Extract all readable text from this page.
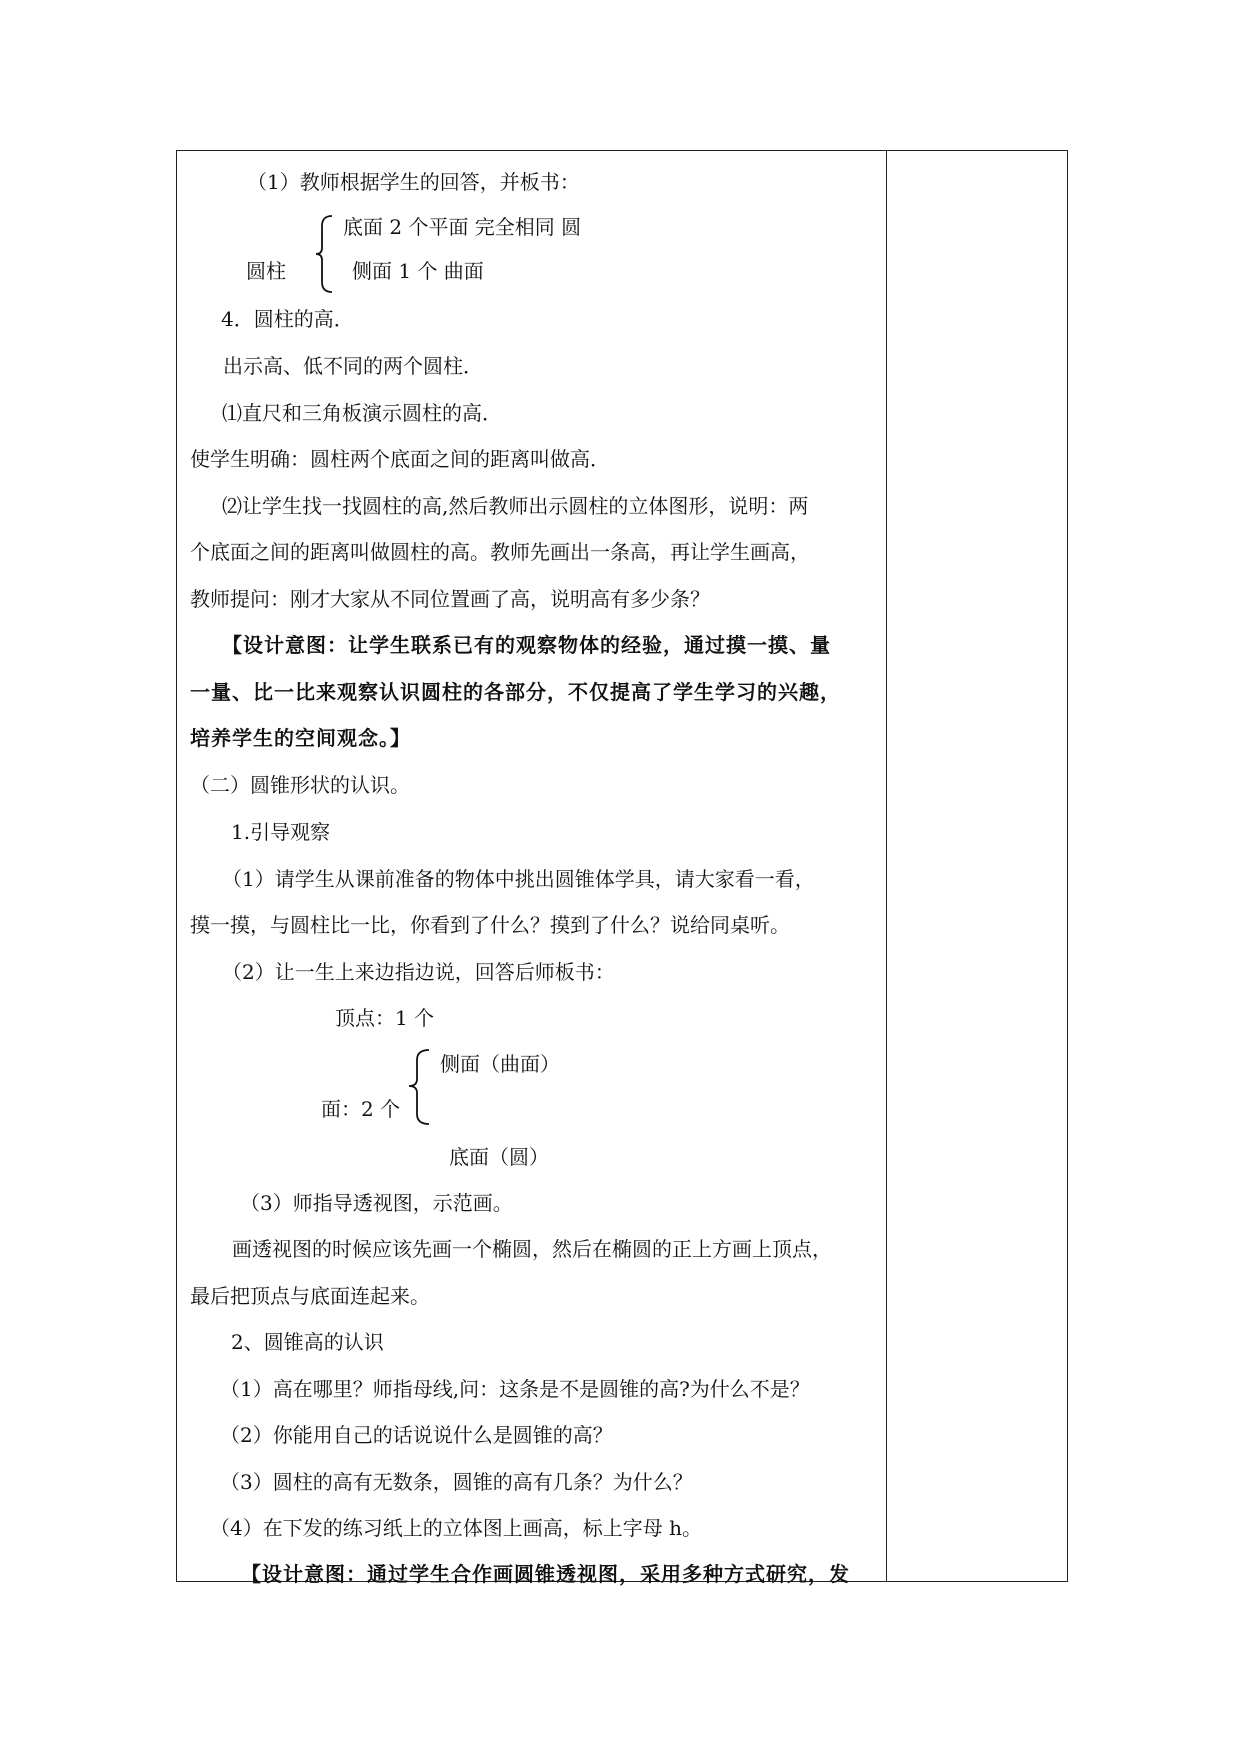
（1）教师根据学生的回答，并板书：
底面 2 个平面 完全相同 圆
圆柱	侧面 1 个 曲面
4．圆柱的高．
出示高、低不同的两个圆柱．
⑴直尺和三角板演示圆柱的高．
使学生明确：圆柱两个底面之间的距离叫做高．
⑵让学生找一找圆柱的高,然后教师出示圆柱的立体图形，说明：两
个底面之间的距离叫做圆柱的高。教师先画出一条高，再让学生画高，
教师提问：刚才大家从不同位置画了高，说明高有多少条？
【设计意图：让学生联系已有的观察物体的经验，通过摸一摸、量
一量、比一比来观察认识圆柱的各部分，不仅提高了学生学习的兴趣，
培养学生的空间观念。】
（二）圆锥形状的认识。
1.引导观察
（1）请学生从课前准备的物体中挑出圆锥体学具，请大家看一看，
摸一摸，与圆柱比一比，你看到了什么？摸到了什么？说给同桌听。
（2）让一生上来边指边说，回答后师板书：
顶点：1 个
侧面（曲面）
面：2 个
底面（圆）
（3）师指导透视图，示范画。
画透视图的时候应该先画一个椭圆，然后在椭圆的正上方画上顶点，
最后把顶点与底面连起来。
2、圆锥高的认识
（1）高在哪里？师指母线,问：这条是不是圆锥的高?为什么不是？
（2）你能用自己的话说说什么是圆锥的高？
（3）圆柱的高有无数条，圆锥的高有几条？为什么？
（4）在下发的练习纸上的立体图上画高，标上字母 h。
【设计意图：通过学生合作画圆锥透视图，采用多种方式研究，发
